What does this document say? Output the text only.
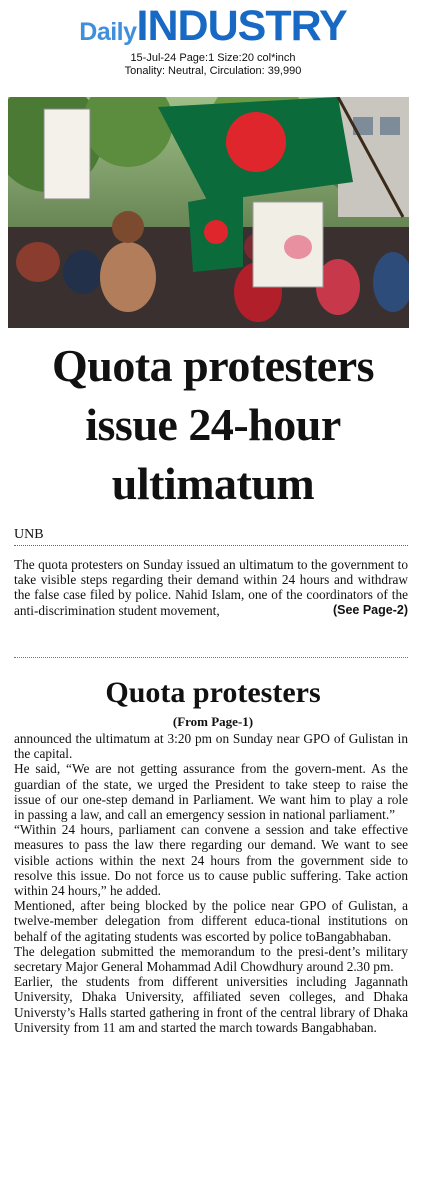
DailyINDUSTRY
15-Jul-24 Page:1 Size:20 col*inch
Tonality: Neutral, Circulation: 39,990
Quota protesters
issue 24-hour
ultimatum
UNB
The quota protesters on Sunday issued an ultimatum to the government to take visible steps regarding their demand within 24 hours and withdraw the false case filed by police. Nahid Islam, one of the coordinators of the anti-discrimination student movement,	(See Page-2)
Quota protesters
(From Page-1)

announced the ultimatum at 3:20 pm on Sunday near GPO of Gulistan in the capital.

He said, “We are not getting assurance from the govern-ment. As the guardian of the state, we urged the President to take steep to raise the issue of our one-step demand in Parliament. We want him to play a role in passing a law, and call an emergency session in national parliament.”

“Within 24 hours, parliament can convene a session and take effective measures to pass the law there regarding our demand. We want to see visible actions within the next 24 hours from the government side to resolve this issue. Do not force us to cause public suffering. Take action within 24 hours,” he added.

Mentioned, after being blocked by the police near GPO of Gulistan, a twelve-member delegation from different educa-tional institutions on behalf of the agitating students was escorted by police toBangabhaban.

The delegation submitted the memorandum to the presi-dent’s military secretary Major General Mohammad Adil Chowdhury around 2.30 pm.

Earlier, the students from different universities including Jagannath University, Dhaka University, affiliated seven colleges, and Dhaka Universty’s Halls started gathering in front of the central library of Dhaka University from 11 am and started the march towards Bangabhaban.
